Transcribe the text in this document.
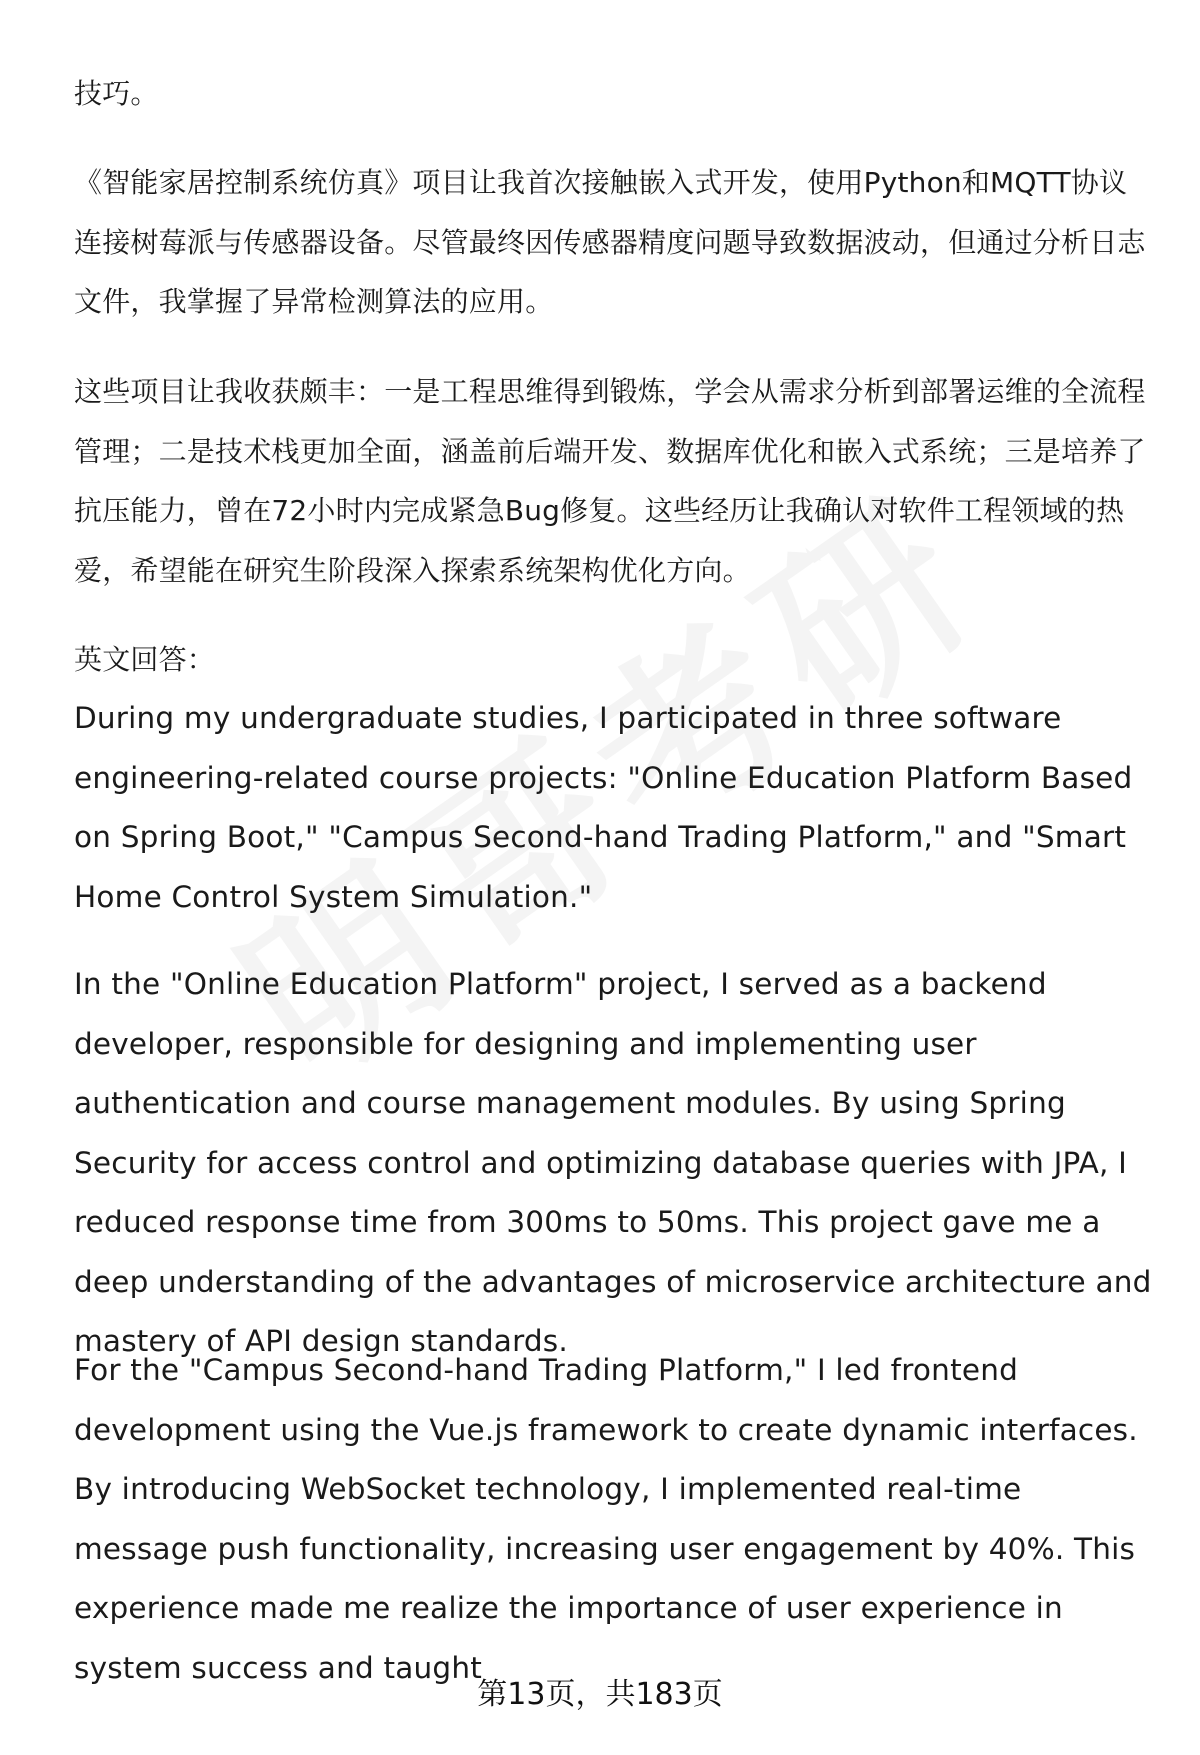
技巧。

《智能家居控制系统仿真》项目让我首次接触嵌入式开发，使用Python和MQTT协议连接树莓派与传感器设备。尽管最终因传感器精度问题导致数据波动，但通过分析日志文件，我掌握了异常检测算法的应用。

这些项目让我收获颇丰：一是工程思维得到锻炼，学会从需求分析到部署运维的全流程管理；二是技术栈更加全面，涵盖前后端开发、数据库优化和嵌入式系统；三是培养了抗压能力，曾在72小时内完成紧急Bug修复。这些经历让我确认对软件工程领域的热爱，希望能在研究生阶段深入探索系统架构优化方向。

英文回答：

During my undergraduate studies, I participated in three software engineering-related course projects: "Online Education Platform Based on Spring Boot," "Campus Second-hand Trading Platform," and "Smart Home Control System Simulation."

In the "Online Education Platform" project, I served as a backend developer, responsible for designing and implementing user authentication and course management modules. By using Spring Security for access control and optimizing database queries with JPA, I reduced response time from 300ms to 50ms. This project gave me a deep understanding of the advantages of microservice architecture and mastery of API design standards.

For the "Campus Second-hand Trading Platform," I led frontend development using the Vue.js framework to create dynamic interfaces. By introducing WebSocket technology, I implemented real-time message push functionality, increasing user engagement by 40%. This experience made me realize the importance of user experience in system success and taught

第13页，共183页
